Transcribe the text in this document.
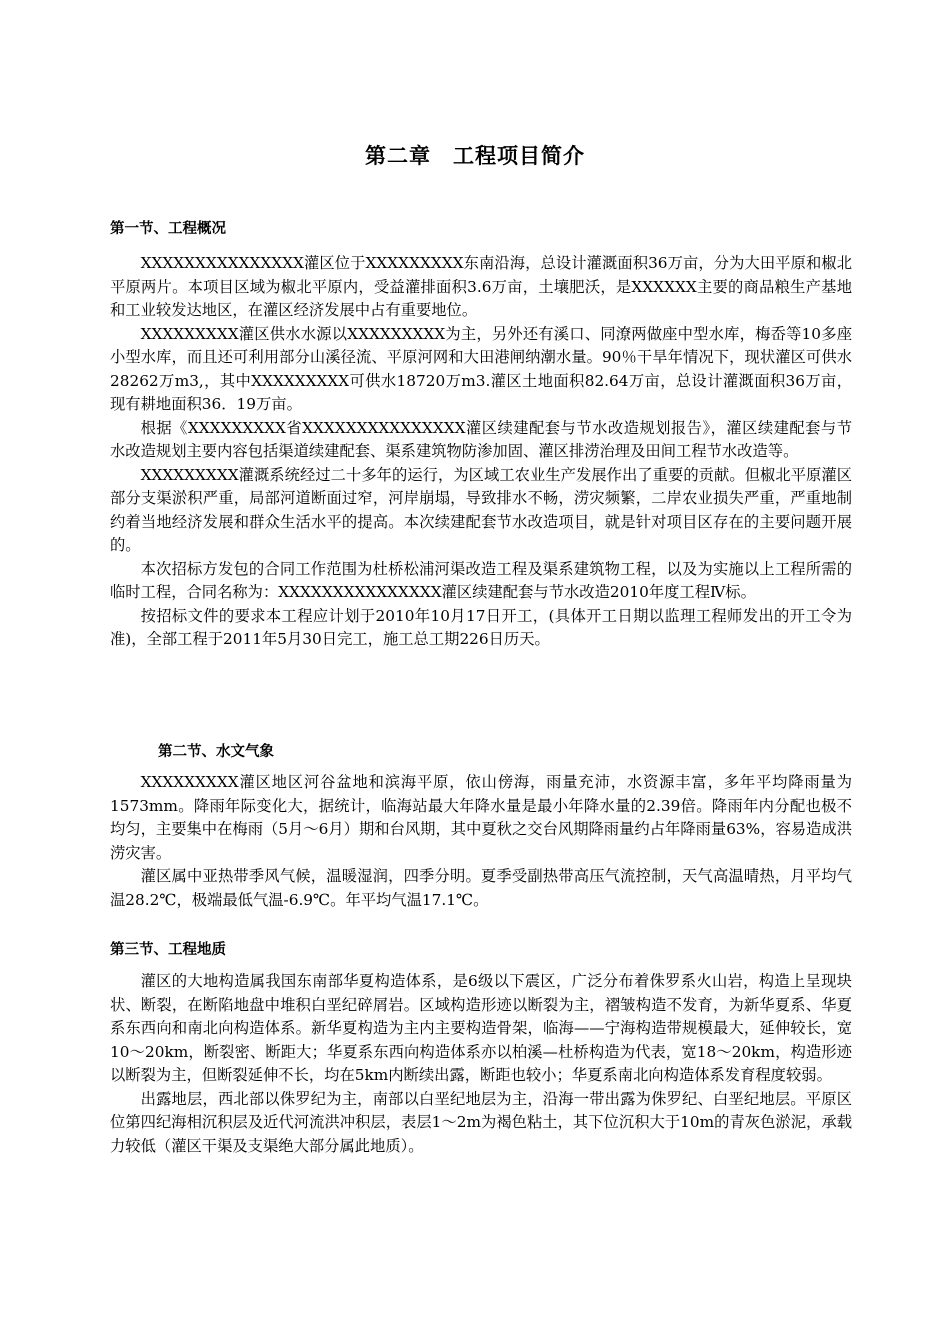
第二章　工程项目简介
第一节、工程概况

XXXXXXXXXXXXXXX灌区位于XXXXXXXXX东南沿海，总设计灌溉面积36万亩，分为大田平原和椒北平原两片。本项目区域为椒北平原内，受益灌排面积3.6万亩，土壤肥沃，是XXXXXX主要的商品粮生产基地和工业较发达地区，在灌区经济发展中占有重要地位。

XXXXXXXXX灌区供水水源以XXXXXXXXX为主，另外还有溪口、同潦两做座中型水库，梅岙等10多座小型水库，而且还可利用部分山溪径流、平原河网和大田港闸纳潮水量。90％干旱年情况下，现状灌区可供水28262万m3,，其中XXXXXXXXX可供水18720万m3.灌区土地面积82.64万亩，总设计灌溉面积36万亩，现有耕地面积36．19万亩。

根据《XXXXXXXXX省XXXXXXXXXXXXXXX灌区续建配套与节水改造规划报告》，灌区续建配套与节水改造规划主要内容包括渠道续建配套、渠系建筑物防渗加固、灌区排涝治理及田间工程节水改造等。

XXXXXXXXX灌溉系统经过二十多年的运行，为区域工农业生产发展作出了重要的贡献。但椒北平原灌区部分支渠淤积严重，局部河道断面过窄，河岸崩塌，导致排水不畅，涝灾频繁，二岸农业损失严重，严重地制约着当地经济发展和群众生活水平的提高。本次续建配套节水改造项目，就是针对项目区存在的主要问题开展的。

本次招标方发包的合同工作范围为杜桥松浦河渠改造工程及渠系建筑物工程，以及为实施以上工程所需的临时工程，合同名称为：XXXXXXXXXXXXXXX灌区续建配套与节水改造2010年度工程Ⅳ标。

按招标文件的要求本工程应计划于2010年10月17日开工，(具体开工日期以监理工程师发出的开工令为准)，全部工程于2011年5月30日完工，施工总工期226日历天。

第二节、水文气象

XXXXXXXXX灌区地区河谷盆地和滨海平原，依山傍海，雨量充沛，水资源丰富，多年平均降雨量为1573mm。降雨年际变化大，据统计，临海站最大年降水量是最小年降水量的2.39倍。降雨年内分配也极不均匀，主要集中在梅雨（5月～6月）期和台风期，其中夏秋之交台风期降雨量约占年降雨量63%，容易造成洪涝灾害。

灌区属中亚热带季风气候，温暖湿润，四季分明。夏季受副热带高压气流控制，天气高温晴热，月平均气温28.2℃，极端最低气温-6.9℃。年平均气温17.1℃。

第三节、工程地质

灌区的大地构造属我国东南部华夏构造体系，是6级以下震区，广泛分布着侏罗系火山岩，构造上呈现块状、断裂，在断陷地盘中堆积白垩纪碎屑岩。区域构造形迹以断裂为主，褶皱构造不发育，为新华夏系、华夏系东西向和南北向构造体系。新华夏构造为主内主要构造骨架，临海——宁海构造带规模最大，延伸较长，宽10～20km，断裂密、断距大；华夏系东西向构造体系亦以柏溪—杜桥构造为代表，宽18～20km，构造形迹以断裂为主，但断裂延伸不长，均在5km内断续出露，断距也较小；华夏系南北向构造体系发育程度较弱。

出露地层，西北部以侏罗纪为主，南部以白垩纪地层为主，沿海一带出露为侏罗纪、白垩纪地层。平原区位第四纪海相沉积层及近代河流洪冲积层，表层1～2m为褐色粘土，其下位沉积大于10m的青灰色淤泥，承载力较低（灌区干渠及支渠绝大部分属此地质）。
